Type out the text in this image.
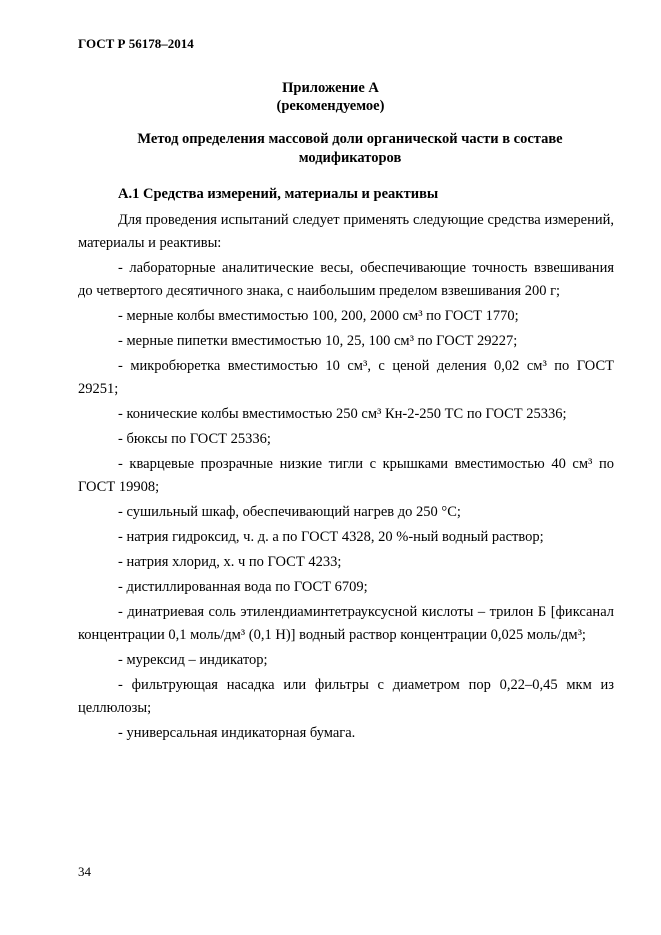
ГОСТ Р 56178–2014
Приложение А
(рекомендуемое)
Метод определения массовой доли органической части в составе модификаторов
А.1 Средства измерений, материалы и реактивы

Для проведения испытаний следует применять следующие средства измерений, материалы и реактивы:

- лабораторные аналитические весы, обеспечивающие точность взвешивания до четвертого десятичного знака, с наибольшим пределом взвешивания 200 г;

- мерные колбы вместимостью 100, 200, 2000 см³ по ГОСТ 1770;

- мерные пипетки вместимостью 10, 25, 100 см³ по ГОСТ 29227;

- микробюретка вместимостью 10 см³, с ценой деления 0,02 см³ по ГОСТ 29251;

- конические колбы вместимостью 250 см³ Кн-2-250 ТС по ГОСТ 25336;

- бюксы по ГОСТ 25336;

- кварцевые прозрачные низкие тигли с крышками вместимостью 40 см³ по ГОСТ 19908;

- сушильный шкаф, обеспечивающий нагрев до 250 °С;

- натрия гидроксид, ч. д. а по ГОСТ 4328, 20 %-ный водный раствор;

- натрия хлорид, х. ч по ГОСТ 4233;

- дистиллированная вода по ГОСТ 6709;

- динатриевая соль этилендиаминтетрауксусной кислоты – трилон Б [фиксанал концентрации 0,1 моль/дм³ (0,1 Н)] водный раствор концентрации 0,025 моль/дм³;

- мурексид – индикатор;

- фильтрующая насадка или фильтры с диаметром пор 0,22–0,45 мкм из целлюлозы;

- универсальная индикаторная бумага.

34
